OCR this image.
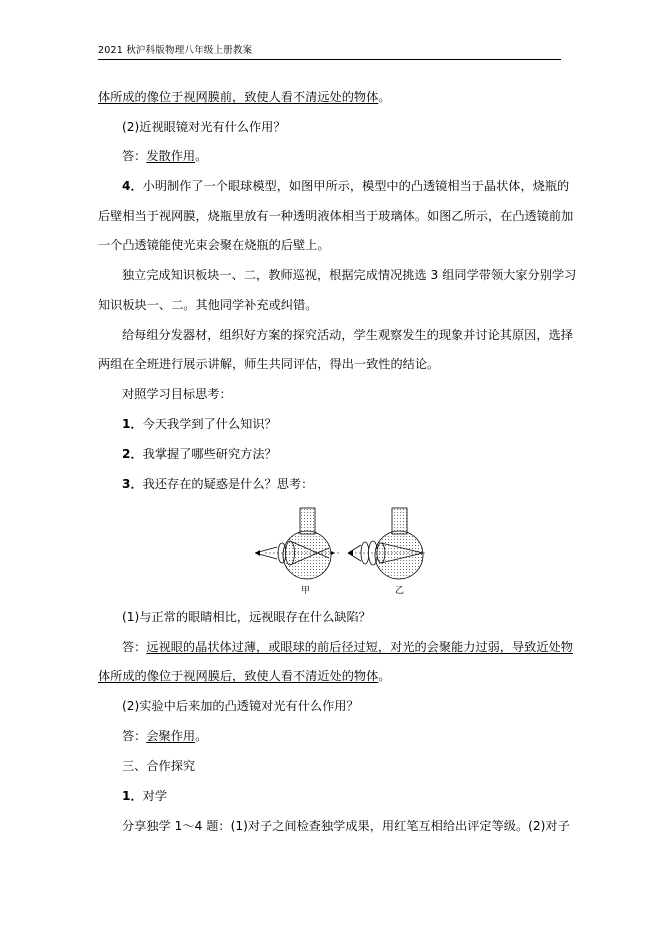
2021 秋沪科版物理八年级上册教案
体所成的像位于视网膜前，致使人看不清远处的物体。
(2)近视眼镜对光有什么作用？
答：发散作用。
4．小明制作了一个眼球模型，如图甲所示，模型中的凸透镜相当于晶状体，烧瓶的
后壁相当于视网膜，烧瓶里放有一种透明液体相当于玻璃体。如图乙所示，在凸透镜前加
一个凸透镜能使光束会聚在烧瓶的后壁上。
独立完成知识板块一、二，教师巡视，根据完成情况挑选 3 组同学带领大家分别学习
知识板块一、二。其他同学补充或纠错。
给每组分发器材，组织好方案的探究活动，学生观察发生的现象并讨论其原因，选择
两组在全班进行展示讲解，师生共同评估，得出一致性的结论。
对照学习目标思考：
1．今天我学到了什么知识？
2．我掌握了哪些研究方法？
3．我还存在的疑惑是什么？思考：
甲	乙
(1)与正常的眼睛相比，远视眼存在什么缺陷？
答：远视眼的晶状体过薄，或眼球的前后径过短，对光的会聚能力过弱，导致近处物
体所成的像位于视网膜后，致使人看不清近处的物体。
(2)实验中后来加的凸透镜对光有什么作用？
答：会聚作用。
三、合作探究
1．对学
分享独学 1～4 题：(1)对子之间检查独学成果，用红笔互相给出评定等级。(2)对子
